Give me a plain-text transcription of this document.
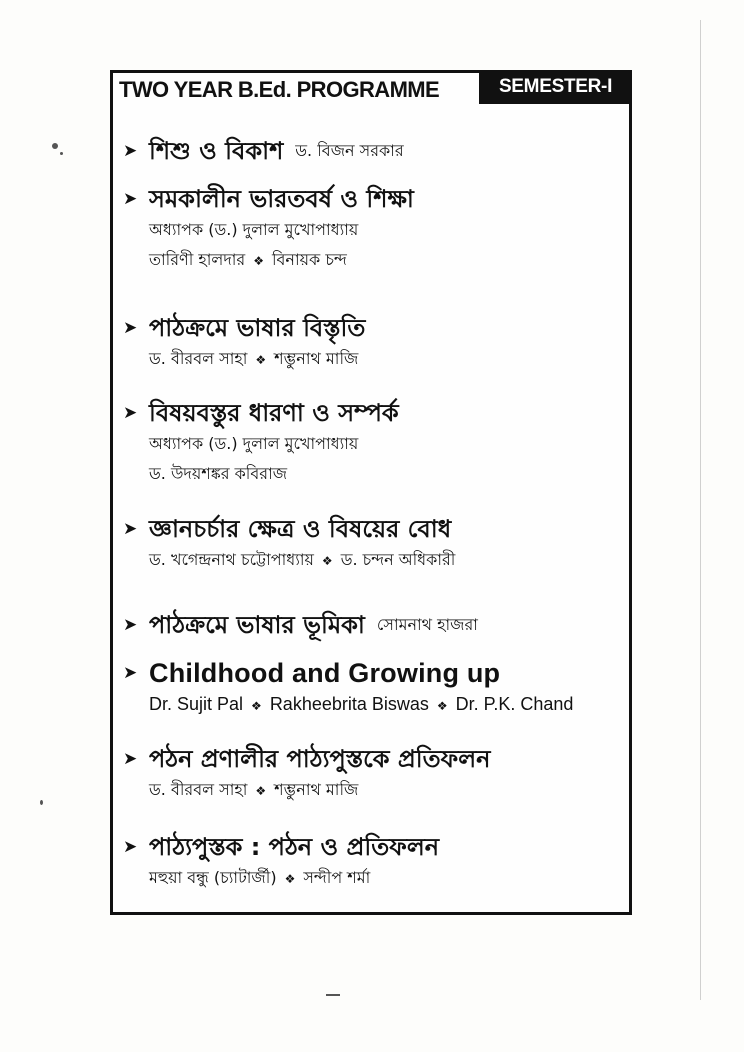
TWO YEAR B.Ed. PROGRAMME	SEMESTER-I
➤ শিশু ও বিকাশ ড. বিজন সরকার
➤ সমকালীন ভারতবর্ষ ও শিক্ষা
অধ্যাপক (ড.) দুলাল মুখোপাধ্যায়
তারিণী হালদার ❖ বিনায়ক চন্দ
➤ পাঠক্রমে ভাষার বিস্তৃতি
ড. বীরবল সাহা ❖ শম্ভুনাথ মাজি
➤ বিষয়বস্তুর ধারণা ও সম্পর্ক
অধ্যাপক (ড.) দুলাল মুখোপাধ্যায়
ড. উদয়শঙ্কর কবিরাজ
➤ জ্ঞানচর্চার ক্ষেত্র ও বিষয়ের বোধ
ড. খগেন্দ্রনাথ চট্টোপাধ্যায় ❖ ড. চন্দন অধিকারী
➤ পাঠক্রমে ভাষার ভূমিকা সোমনাথ হাজরা
➤ Childhood and Growing up
Dr. Sujit Pal ❖ Rakheebrita Biswas ❖ Dr. P.K. Chand
➤ পঠন প্রণালীর পাঠ্যপুস্তকে প্রতিফলন
ড. বীরবল সাহা ❖ শম্ভুনাথ মাজি
➤ পাঠ্যপুস্তক : পঠন ও প্রতিফলন
মহুয়া বন্ধু (চ্যাটার্জী) ❖ সন্দীপ শর্মা
